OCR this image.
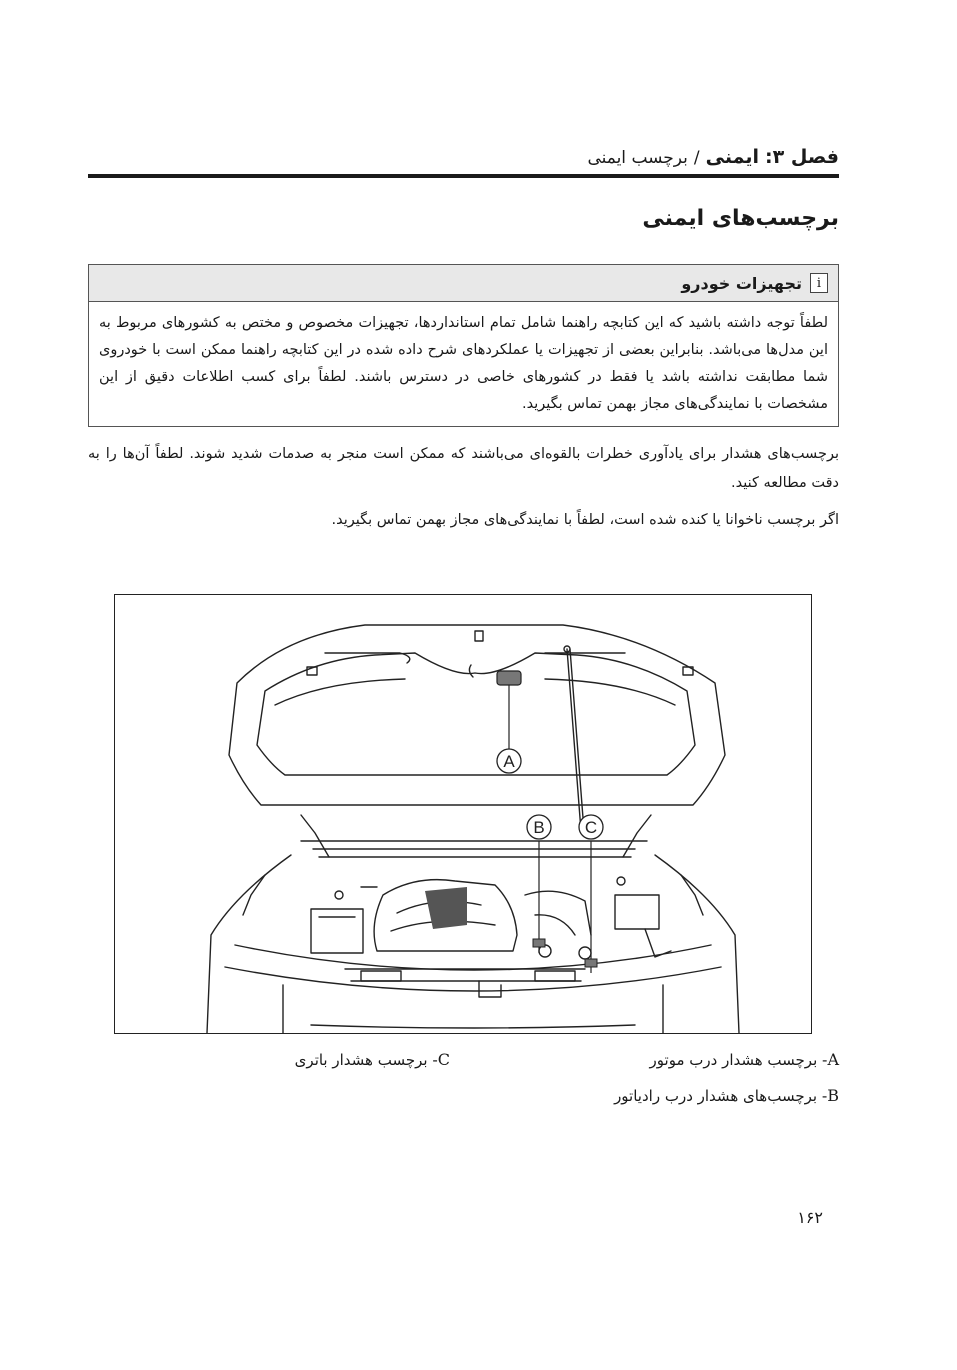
فصل ۳:
ایمنی
/
برچسب ایمنی
برچسب‌های ایمنی
i
تجهیزات خودرو
لطفاً توجه داشته باشید که این کتابچه راهنما شامل تمام استانداردها، تجهیزات مخصوص و مختص به کشورهای مربوط به این مدل‌ها می‌باشد. بنابراین بعضی از تجهیزات یا عملکردهای شرح داده شده در این کتابچه راهنما ممکن است با خودروی شما مطابقت نداشته باشد یا فقط در کشورهای خاصی در دسترس باشند. لطفاً برای کسب اطلاعات دقیق از این مشخصات با نمایندگی‌های مجاز بهمن تماس بگیرید.
برچسب‌های هشدار برای یادآوری خطرات بالقوه‌ای می‌باشند که ممکن است منجر به صدمات شدید شوند. لطفاً آن‌ها را به دقت مطالعه کنید.
اگر برچسب ناخوانا یا کنده شده است، لطفاً با نمایندگی‌های مجاز بهمن تماس بگیرید.
A
B C
A- برچسب هشدار درب موتور
B- برچسب‌های هشدار درب رادیاتور
C- برچسب هشدار باتری
۱۶۲
